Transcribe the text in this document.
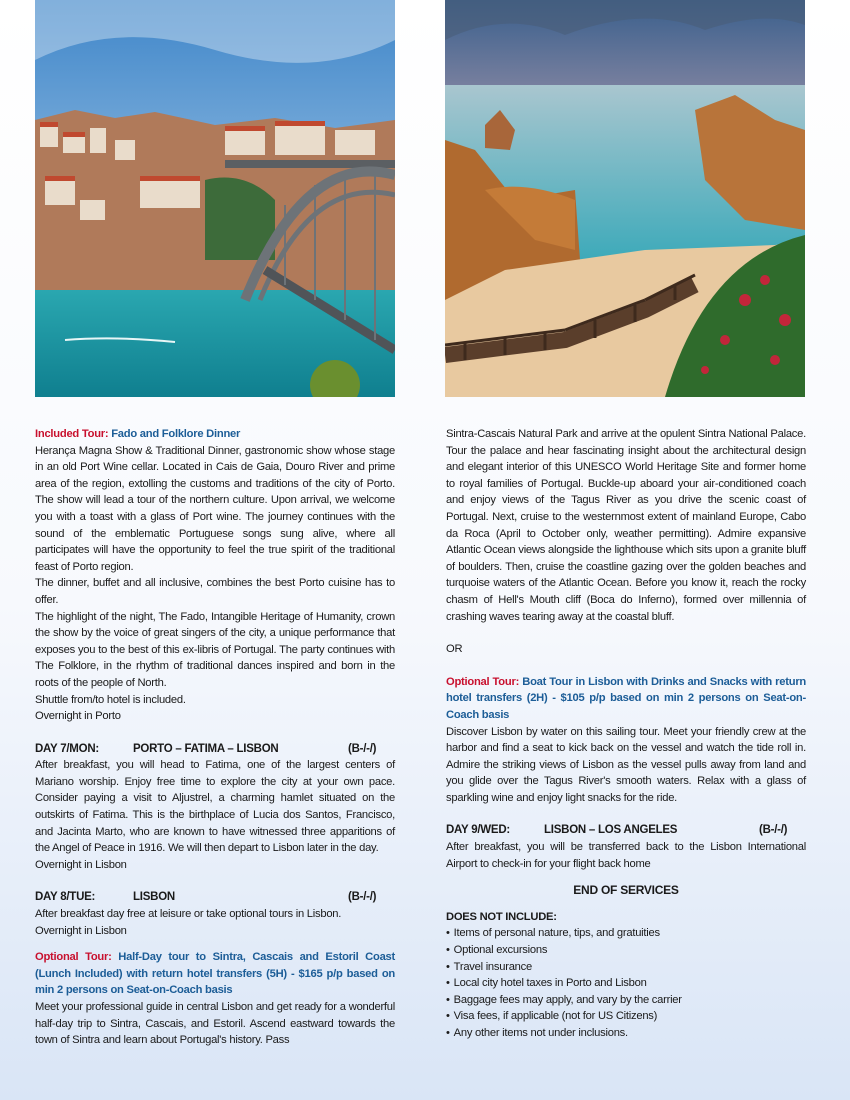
Included Tour: Fado and Folklore Dinner

Herança Magna Show & Traditional Dinner, gastronomic show whose stage in an old Port Wine cellar. Located in Cais de Gaia, Douro River and prime area of the region, extolling the customs and traditions of the city of Porto. The show will lead a tour of the northern culture. Upon arrival, we welcome you with a toast with a glass of Port wine. The journey continues with the sound of the emblematic Portuguese songs sung alive, where all participates will have the opportunity to feel the true spirit of the traditional feast of Porto region.

The dinner, buffet and all inclusive, combines the best Porto cuisine has to offer.

The highlight of the night, The Fado, Intangible Heritage of Humanity, crown the show by the voice of great singers of the city, a unique performance that exposes you to the best of this ex-libris of Portugal. The party continues with The Folklore, in the rhythm of traditional dances inspired and born in the roots of the people of North.

Shuttle from/to hotel is included.

Overnight in Porto

DAY 7/MON:	PORTO – FATIMA – LISBON	(B-/-/)

After breakfast, you will head to Fatima, one of the largest centers of Mariano worship. Enjoy free time to explore the city at your own pace. Consider paying a visit to Aljustrel, a charming hamlet situated on the outskirts of Fatima. This is the birthplace of Lucia dos Santos, Francisco, and Jacinta Marto, who are known to have witnessed three apparitions of the Angel of Peace in 1916. We will then depart to Lisbon later in the day.

Overnight in Lisbon

DAY 8/TUE:	LISBON	(B-/-/)

After breakfast day free at leisure or take optional tours in Lisbon.

Overnight in Lisbon

Optional Tour: Half-Day tour to Sintra, Cascais and Estoril Coast (Lunch Included) with return hotel transfers (5H) - $165 p/p based on min 2 persons on Seat-on-Coach basis

Meet your professional guide in central Lisbon and get ready for a wonderful half-day trip to Sintra, Cascais, and Estoril. Ascend eastward towards the town of Sintra and learn about Portugal's history. Pass

Sintra-Cascais Natural Park and arrive at the opulent Sintra National Palace. Tour the palace and hear fascinating insight about the architectural design and elegant interior of this UNESCO World Heritage Site and former home to royal families of Portugal. Buckle-up aboard your air-conditioned coach and enjoy views of the Tagus River as you drive the scenic coast of Portugal. Next, cruise to the westernmost extent of mainland Europe, Cabo da Roca (April to October only, weather permitting). Admire expansive Atlantic Ocean views alongside the lighthouse which sits upon a granite bluff of boulders. Then, cruise the coastline gazing over the golden beaches and turquoise waters of the Atlantic Ocean. Before you know it, reach the rocky chasm of Hell's Mouth cliff (Boca do Inferno), formed over millennia of crashing waves tearing away at the coastal bluff.

OR

Optional Tour: Boat Tour in Lisbon with Drinks and Snacks with return hotel transfers (2H) - $105 p/p based on min 2 persons on Seat-on-Coach basis

Discover Lisbon by water on this sailing tour. Meet your friendly crew at the harbor and find a seat to kick back on the vessel and watch the tide roll in. Admire the striking views of Lisbon as the vessel pulls away from land and you glide over the Tagus River's smooth waters. Relax with a glass of sparkling wine and enjoy light snacks for the ride.

DAY 9/WED:	LISBON – LOS ANGELES	(B-/-/)

After breakfast, you will be transferred back to the Lisbon International Airport to check-in for your flight back home

END OF SERVICES

DOES NOT INCLUDE:

• Items of personal nature, tips, and gratuities
• Optional excursions
• Travel insurance
• Local city hotel taxes in Porto and Lisbon
• Baggage fees may apply, and vary by the carrier
• Visa fees, if applicable (not for US Citizens)
• Any other items not under inclusions.
